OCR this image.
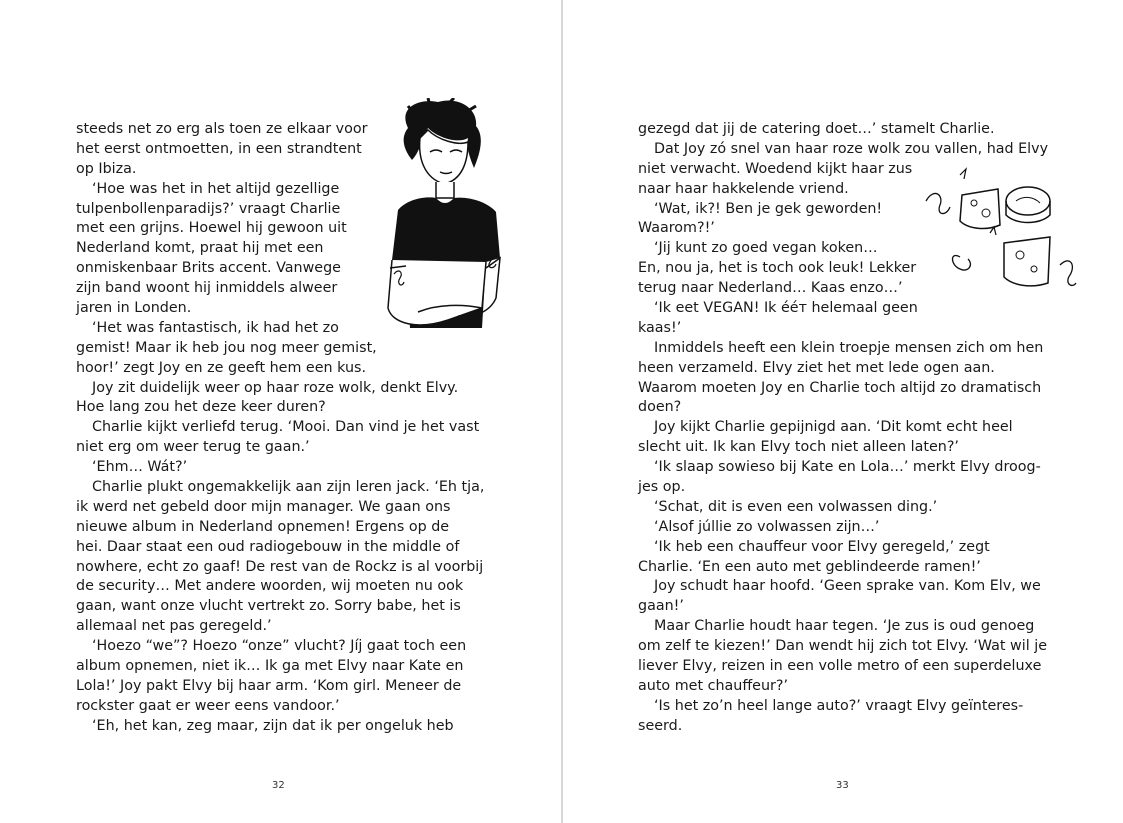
steeds net zo erg als toen ze elkaar voor
het eerst ontmoetten, in een strandtent
op Ibiza.
‘Hoe was het in het altijd gezellige
tulpenbollenparadijs?’ vraagt Charlie
met een grijns. Hoewel hij gewoon uit
Nederland komt, praat hij met een
onmiskenbaar Brits accent. Vanwege
zijn band woont hij inmiddels alweer
jaren in Londen.
‘Het was fantastisch, ik had het zo
gemist! Maar ik heb jou nog meer gemist,
hoor!’ zegt Joy en ze geeft hem een kus.
Joy zit duidelijk weer op haar roze wolk, denkt Elvy.
Hoe lang zou het deze keer duren?
Charlie kijkt verliefd terug. ‘Mooi. Dan vind je het vast
niet erg om weer terug te gaan.’
‘Ehm… Wát?’
Charlie plukt ongemakkelijk aan zijn leren jack. ‘Eh tja,
ik werd net gebeld door mijn manager. We gaan ons
nieuwe album in Nederland opnemen! Ergens op de
hei. Daar staat een oud radiogebouw in the middle of
nowhere, echt zo gaaf! De rest van de Rockz is al voorbij
de security… Met andere woorden, wij moeten nu ook
gaan, want onze vlucht vertrekt zo. Sorry babe, het is
allemaal net pas geregeld.’
‘Hoezo “we”? Hoezo “onze” vlucht? Jíj gaat toch een
album opnemen, niet ik… Ik ga met Elvy naar Kate en
Lola!’ Joy pakt Elvy bij haar arm. ‘Kom girl. Meneer de
rockster gaat er weer eens vandoor.’
‘Eh, het kan, zeg maar, zijn dat ik per ongeluk heb
32
gezegd dat jij de catering doet…’ stamelt Charlie.
Dat Joy zó snel van haar roze wolk zou vallen, had Elvy
niet verwacht. Woedend kijkt haar zus
naar haar hakkelende vriend.
‘Wat, ik?! Ben je gek geworden!
Waarom?!’
‘Jij kunt zo goed vegan koken…
En, nou ja, het is toch ook leuk! Lekker
terug naar Nederland… Kaas enzo…’
‘Ik eet VEGAN! Ik ééт helemaal geen
kaas!’
Inmiddels heeft een klein troepje mensen zich om hen
heen verzameld. Elvy ziet het met lede ogen aan.
Waarom moeten Joy en Charlie toch altijd zo dramatisch
doen?
Joy kijkt Charlie gepijnigd aan. ‘Dit komt echt heel
slecht uit. Ik kan Elvy toch niet alleen laten?’
‘Ik slaap sowieso bij Kate en Lola…’ merkt Elvy droog-
jes op.
‘Schat, dit is even een volwassen ding.’
‘Alsof júllie zo volwassen zijn…’
‘Ik heb een chauffeur voor Elvy geregeld,’ zegt
Charlie. ‘En een auto met geblindeerde ramen!’
Joy schudt haar hoofd. ‘Geen sprake van. Kom Elv, we
gaan!’
Maar Charlie houdt haar tegen. ‘Je zus is oud genoeg
om zelf te kiezen!’ Dan wendt hij zich tot Elvy. ‘Wat wil je
liever Elvy, reizen in een volle metro of een superdeluxe
auto met chauffeur?’
‘Is het zo’n heel lange auto?’ vraagt Elvy geïnteres-
seerd.
33
